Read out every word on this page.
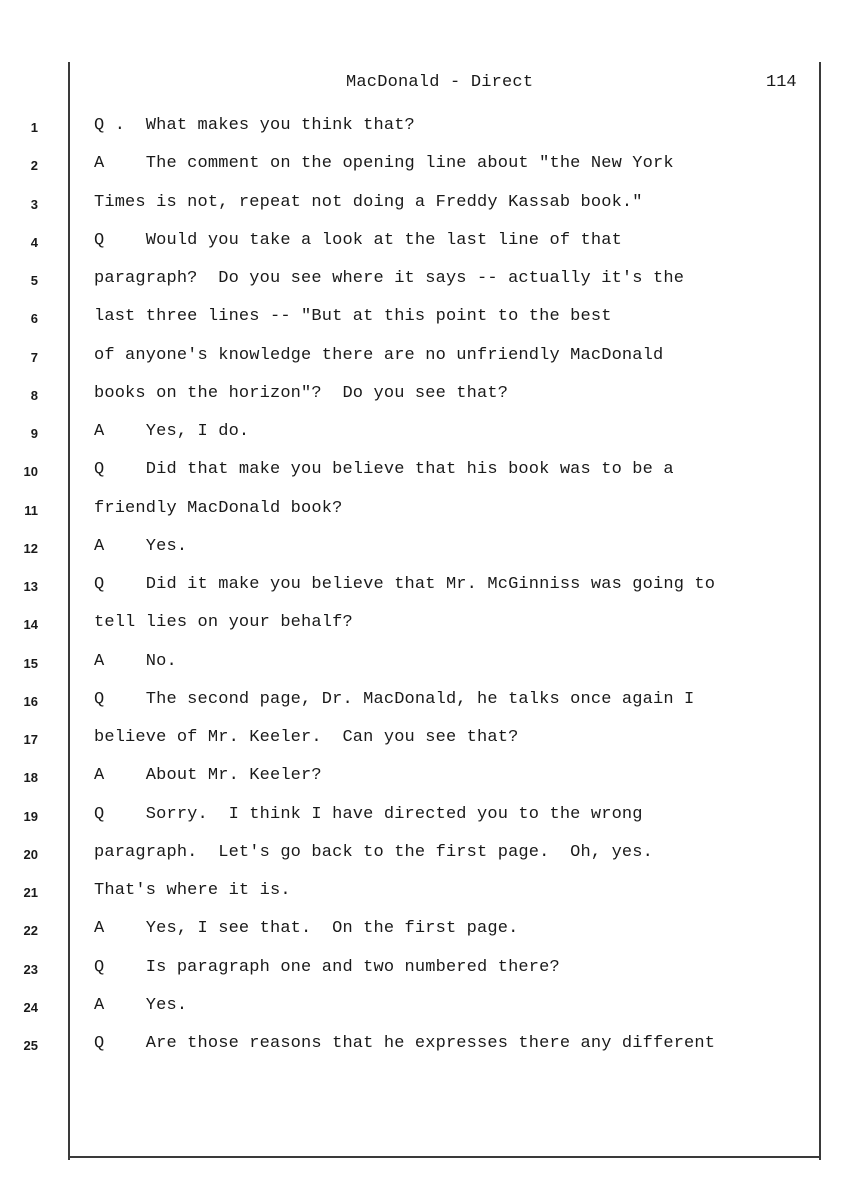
MacDonald - Direct	114
1	Q .  What makes you think that?
2	A    The comment on the opening line about "the New York
3	Times is not, repeat not doing a Freddy Kassab book."
4	Q    Would you take a look at the last line of that
5	paragraph?  Do you see where it says -- actually it's the
6	last three lines -- "But at this point to the best
7	of anyone's knowledge there are no unfriendly MacDonald
8	books on the horizon"?  Do you see that?
9	A    Yes, I do.
10	Q    Did that make you believe that his book was to be a
11	friendly MacDonald book?
12	A    Yes.
13	Q    Did it make you believe that Mr. McGinniss was going to
14	tell lies on your behalf?
15	A    No.
16	Q    The second page, Dr. MacDonald, he talks once again I
17	believe of Mr. Keeler.  Can you see that?
18	A    About Mr. Keeler?
19	Q    Sorry.  I think I have directed you to the wrong
20	paragraph.  Let's go back to the first page.  Oh, yes.
21	That's where it is.
22	A    Yes, I see that.  On the first page.
23	Q    Is paragraph one and two numbered there?
24	A    Yes.
25	Q    Are those reasons that he expresses there any different
